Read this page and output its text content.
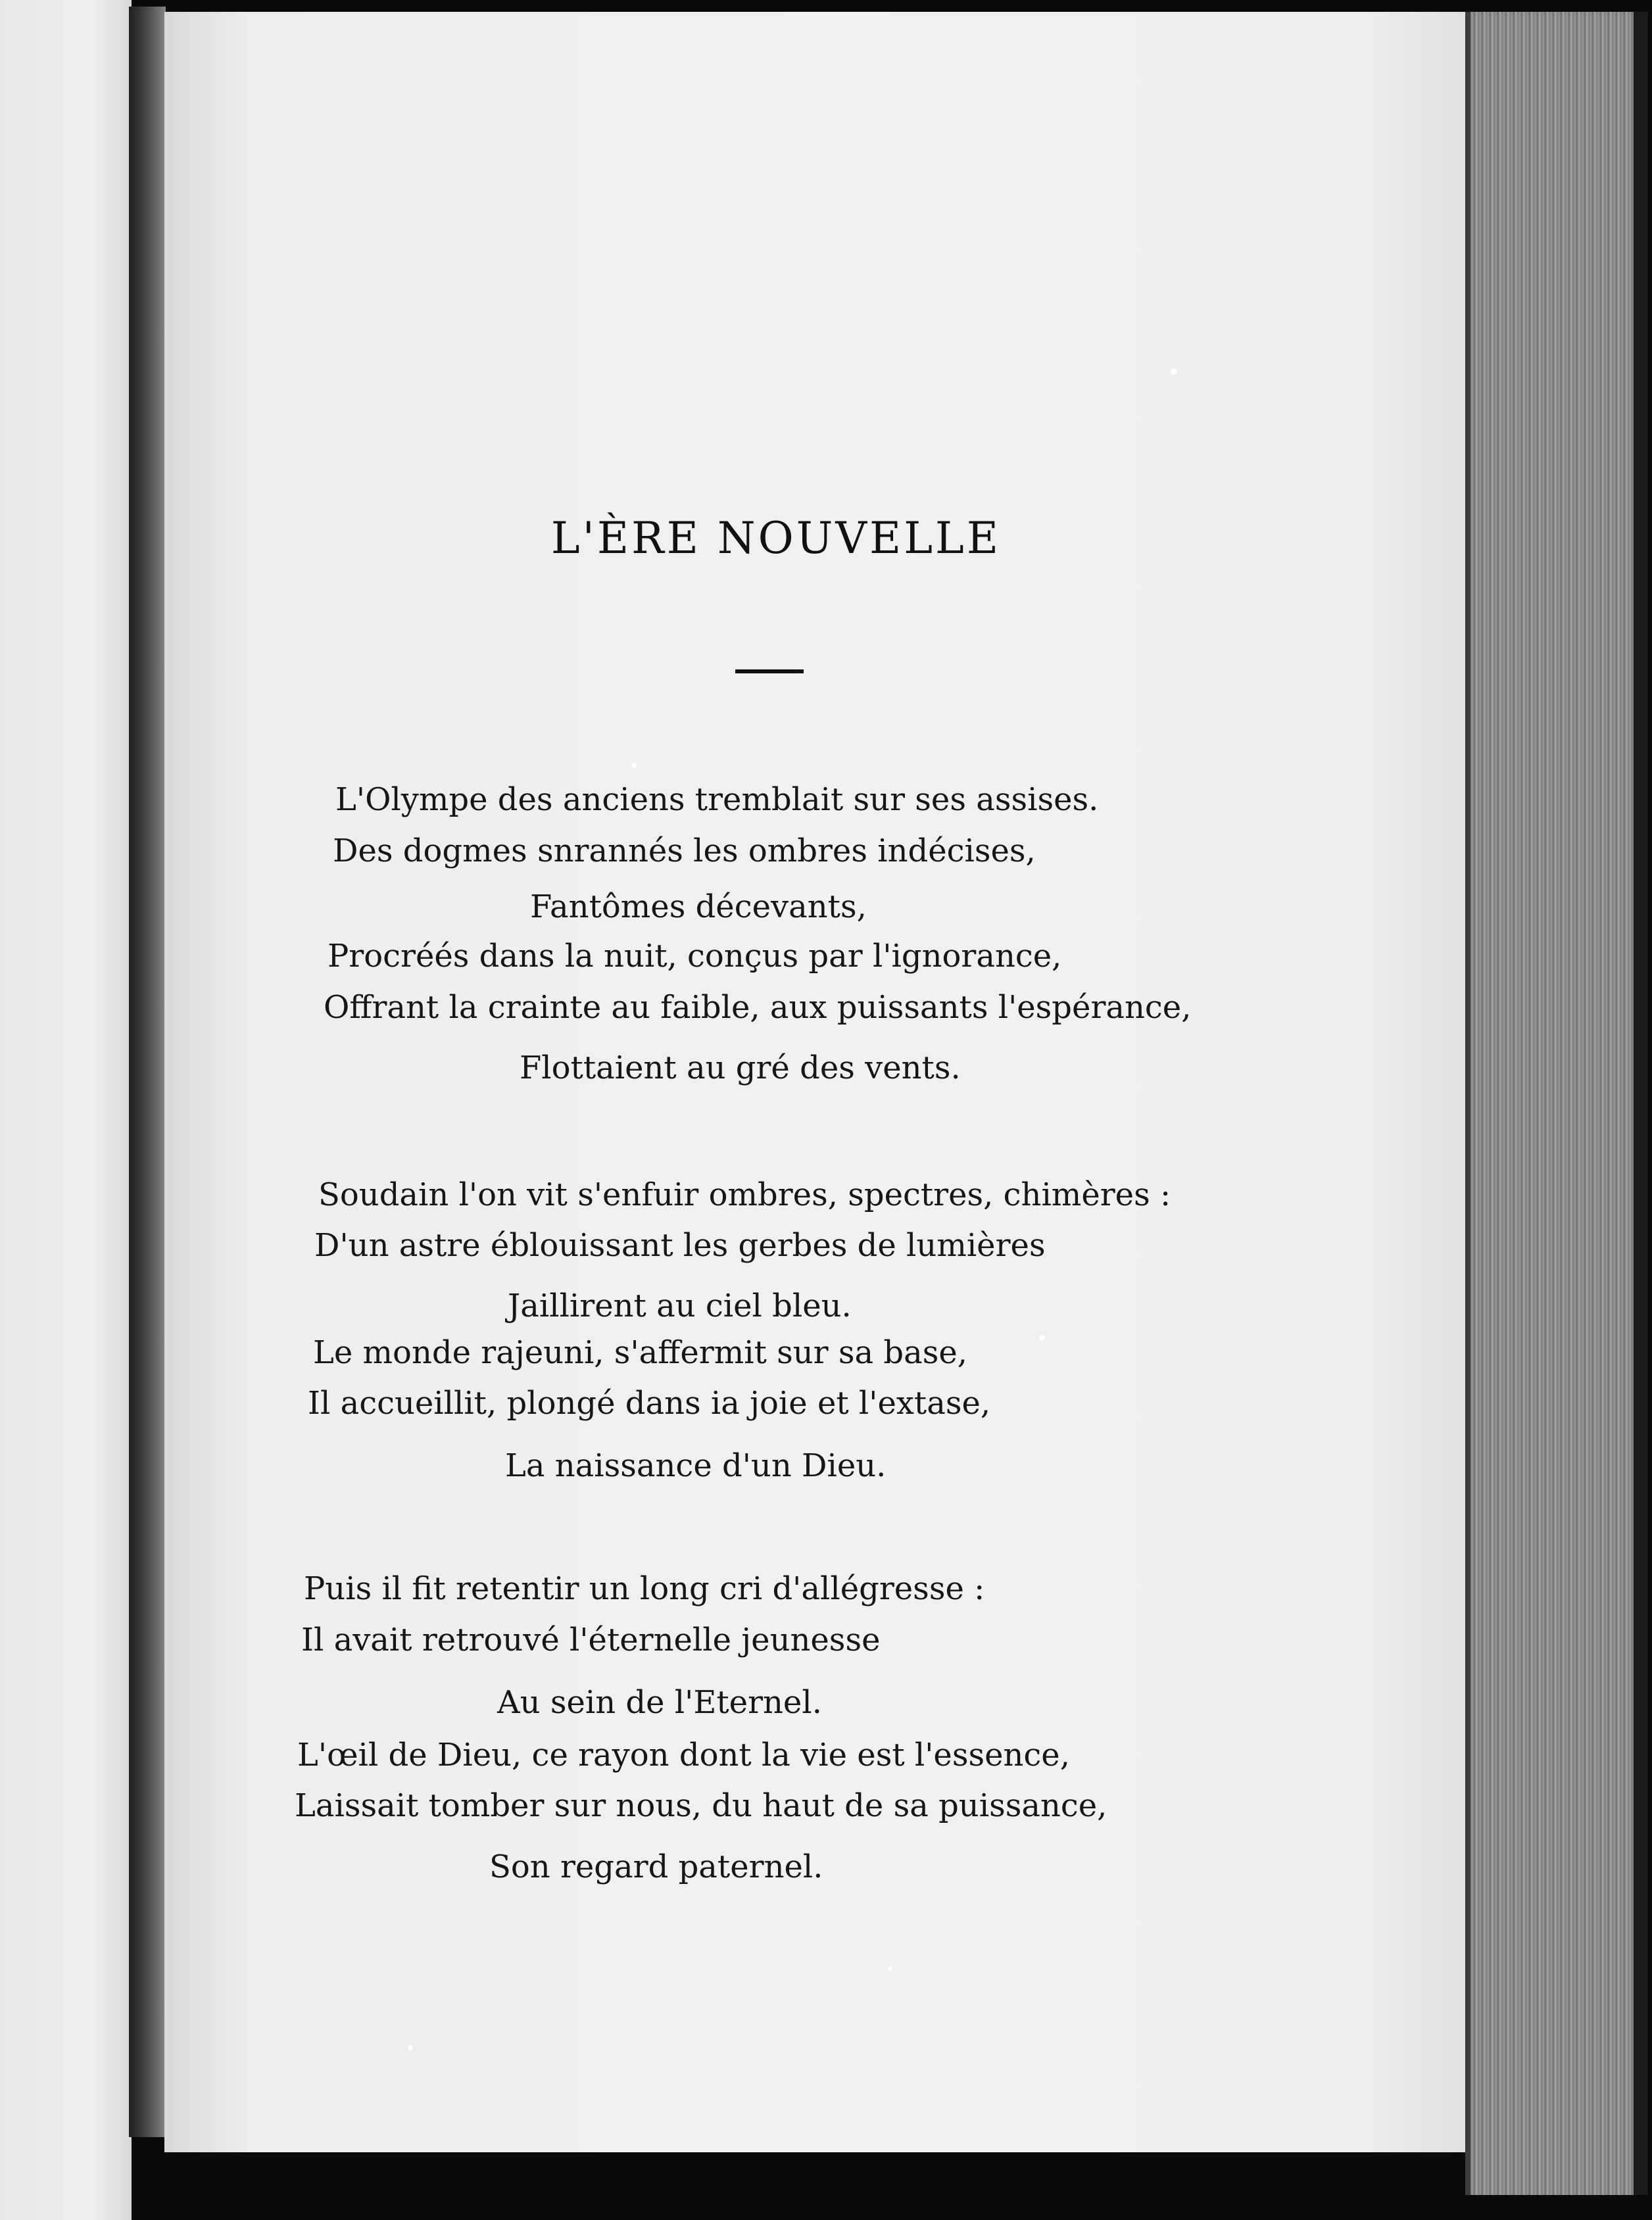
L'ÈRE NOUVELLE
L'Olympe des anciens tremblait sur ses assises.
Des dogmes snrannés les ombres indécises,
Fantômes décevants,
Procréés dans la nuit, conçus par l'ignorance,
Offrant la crainte au faible, aux puissants l'espérance,
Flottaient au gré des vents.
Soudain l'on vit s'enfuir ombres, spectres, chimères :
D'un astre éblouissant les gerbes de lumières
Jaillirent au ciel bleu.
Le monde rajeuni, s'affermit sur sa base,
Il accueillit, plongé dans ia joie et l'extase,
La naissance d'un Dieu.
Puis il fit retentir un long cri d'allégresse :
Il avait retrouvé l'éternelle jeunesse
Au sein de l'Eternel.
L'œil de Dieu, ce rayon dont la vie est l'essence,
Laissait tomber sur nous, du haut de sa puissance,
Son regard paternel.
